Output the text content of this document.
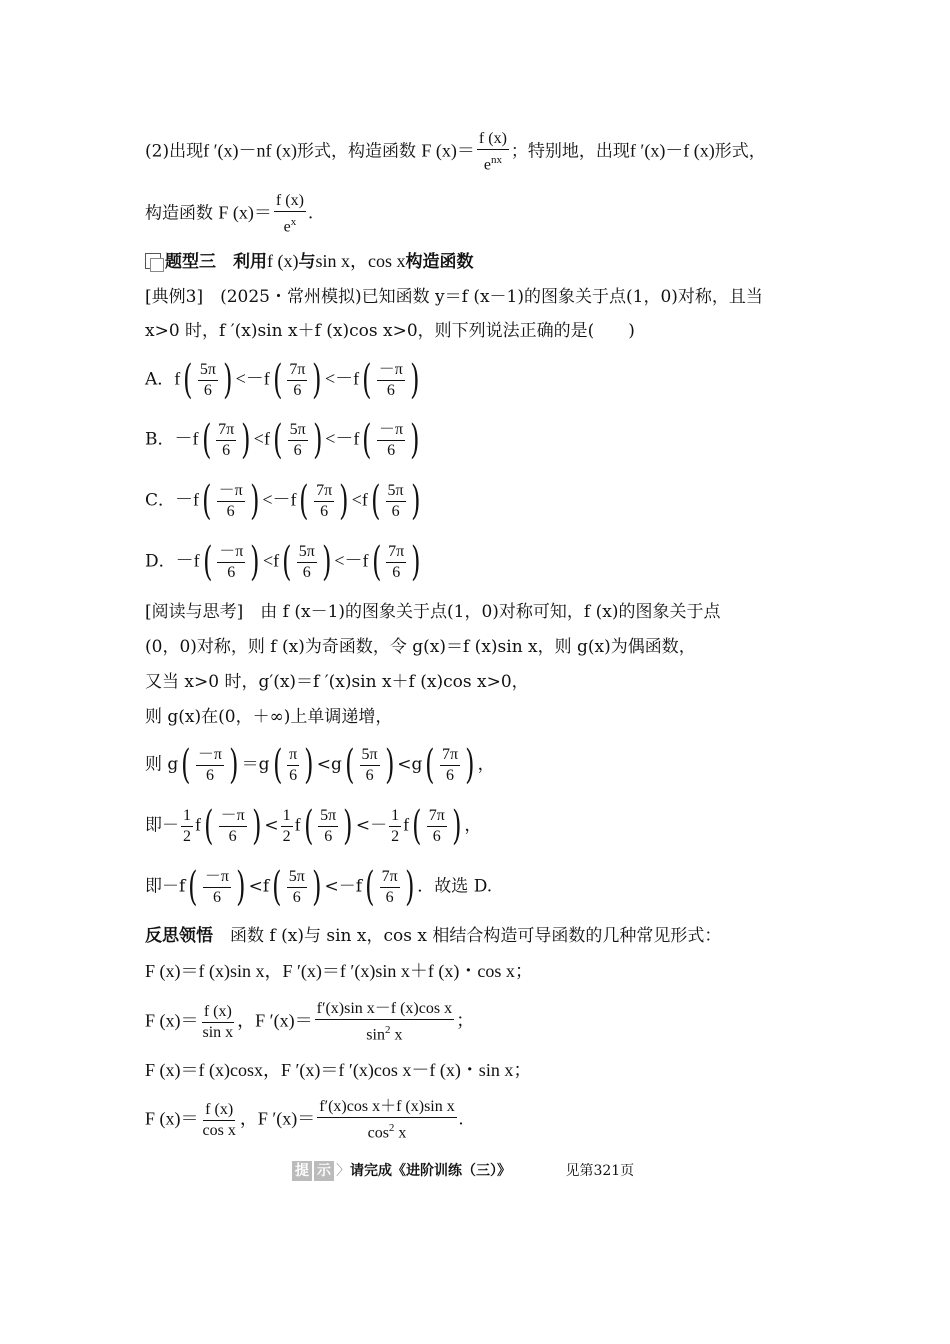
(2)出现f ′(x)－nf (x)形式，构造函数 F $(x)= \frac{f (x)}{e^{nx}}$ ；特别地，出现f ′(x)－f (x)形式，
构造函数 F $(x)= \frac{f (x)}{e^x}$ .
题型三　利用f (x)与sin x，cos x构造函数
[典例3]　 (2025・常州模拟)已知函数 y＝f (x－1)的图象关于点(1，0)对称，且当
x>0 时，f ′(x)sin x＋f (x)cos x>0，则下列说法正确的是(　　)
A．f ( $\frac{5\pi}{6}$ ) <－f ( $\frac{7\pi}{6}$ ) <－f ( $\frac{-\pi}{6}$ )
B．－f ( $\frac{7\pi}{6}$ ) <f ( $\frac{5\pi}{6}$ ) <－f ( $\frac{-\pi}{6}$ )
C．－f ( $\frac{-\pi}{6}$ ) <－f ( $\frac{7\pi}{6}$ ) <f ( $\frac{5\pi}{6}$ )
D．－f ( $\frac{-\pi}{6}$ ) <f ( $\frac{5\pi}{6}$ ) <－f ( $\frac{7\pi}{6}$ )
[阅读与思考]　 由 f (x－1)的图象关于点(1，0)对称可知，f (x)的图象关于点
(0，0)对称，则 f (x)为奇函数，令 g(x)＝f (x)sin x，则 g(x)为偶函数，
又当 x>0 时，g′(x)＝f ′(x)sin x＋f (x)cos x>0，
则 g(x)在(0，＋∞)上单调递增，
则 g ( $\frac{-\pi}{6}$ ) ＝g ( $\frac{\pi}{6}$ ) <g ( $\frac{5\pi}{6}$ ) <g ( $\frac{7\pi}{6}$ ) ，
即－ $\frac{1}{2}$ f ( $\frac{-\pi}{6}$ ) < $\frac{1}{2}$ f ( $\frac{5\pi}{6}$ ) <－ $\frac{1}{2}$ f ( $\frac{7\pi}{6}$ ) ，
即－f ( $\frac{-\pi}{6}$ ) <f ( $\frac{5\pi}{6}$ ) <－f ( $\frac{7\pi}{6}$ ) ．故选 D.
反思领悟　 函数 f (x)与 sin x，cos x 相结合构造可导函数的几种常见形式：
F (x)＝f (x)sin x，F ′(x)＝f ′(x)sin x＋f (x)・cos x；
F $(x)= \frac{f (x)}{\text{sin x}}$ ，F $'(x)= \frac{\text{f′(x)sin x－f (x)cos x}}{\sin^2 x}$ ；
F (x)＝f (x)cosx，F ′(x)＝f ′(x)cos x－f (x)・sin x；
F $(x)= \frac{f (x)}{\text{cos x}}$ ，F $'(x)= \frac{\text{f′(x)cos x＋f (x)sin x}}{\cos^2 x}$ .
提 示 〉请完成《进阶训练（三）》	见第321页
